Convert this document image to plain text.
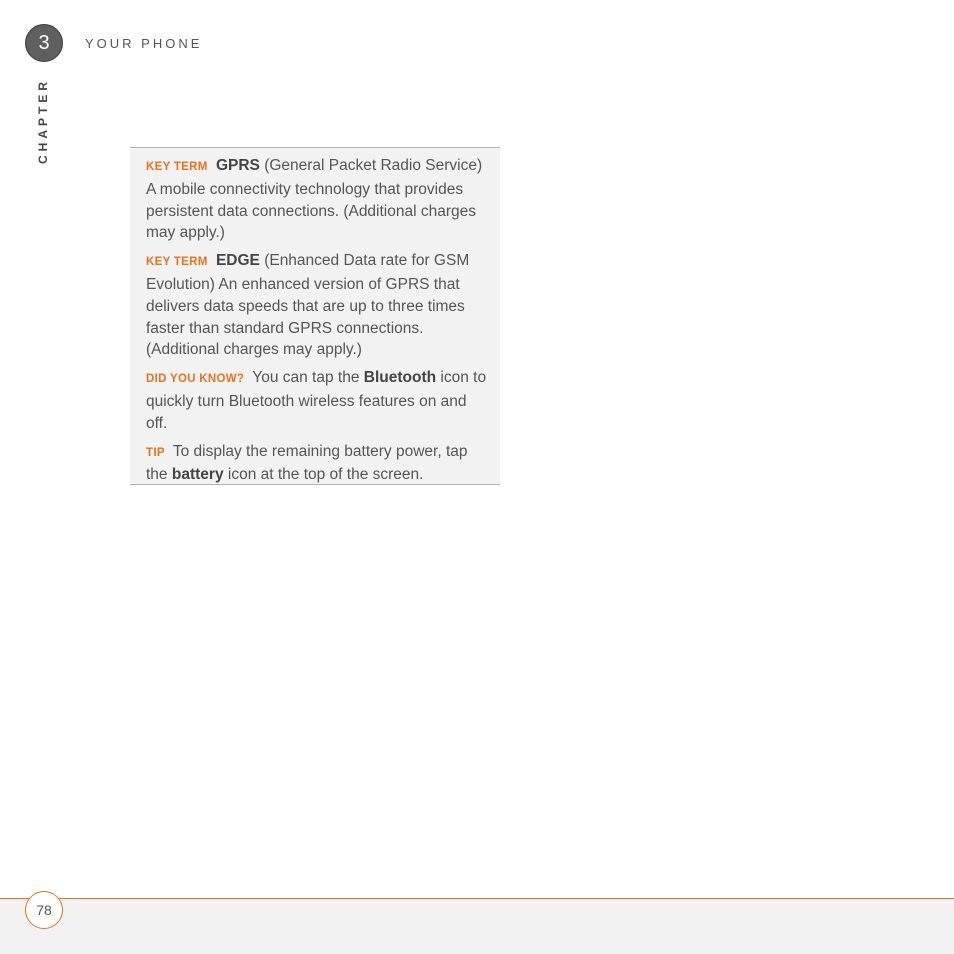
3	YOUR PHONE
CHAPTER

KEY TERM GPRS (General Packet Radio Service) A mobile connectivity technology that provides persistent data connections. (Additional charges may apply.)

KEY TERM EDGE (Enhanced Data rate for GSM Evolution) An enhanced version of GPRS that delivers data speeds that are up to three times faster than standard GPRS connections. (Additional charges may apply.)

DID YOU KNOW? You can tap the Bluetooth icon to quickly turn Bluetooth wireless features on and off.

TIP To display the remaining battery power, tap the battery icon at the top of the screen.

78
